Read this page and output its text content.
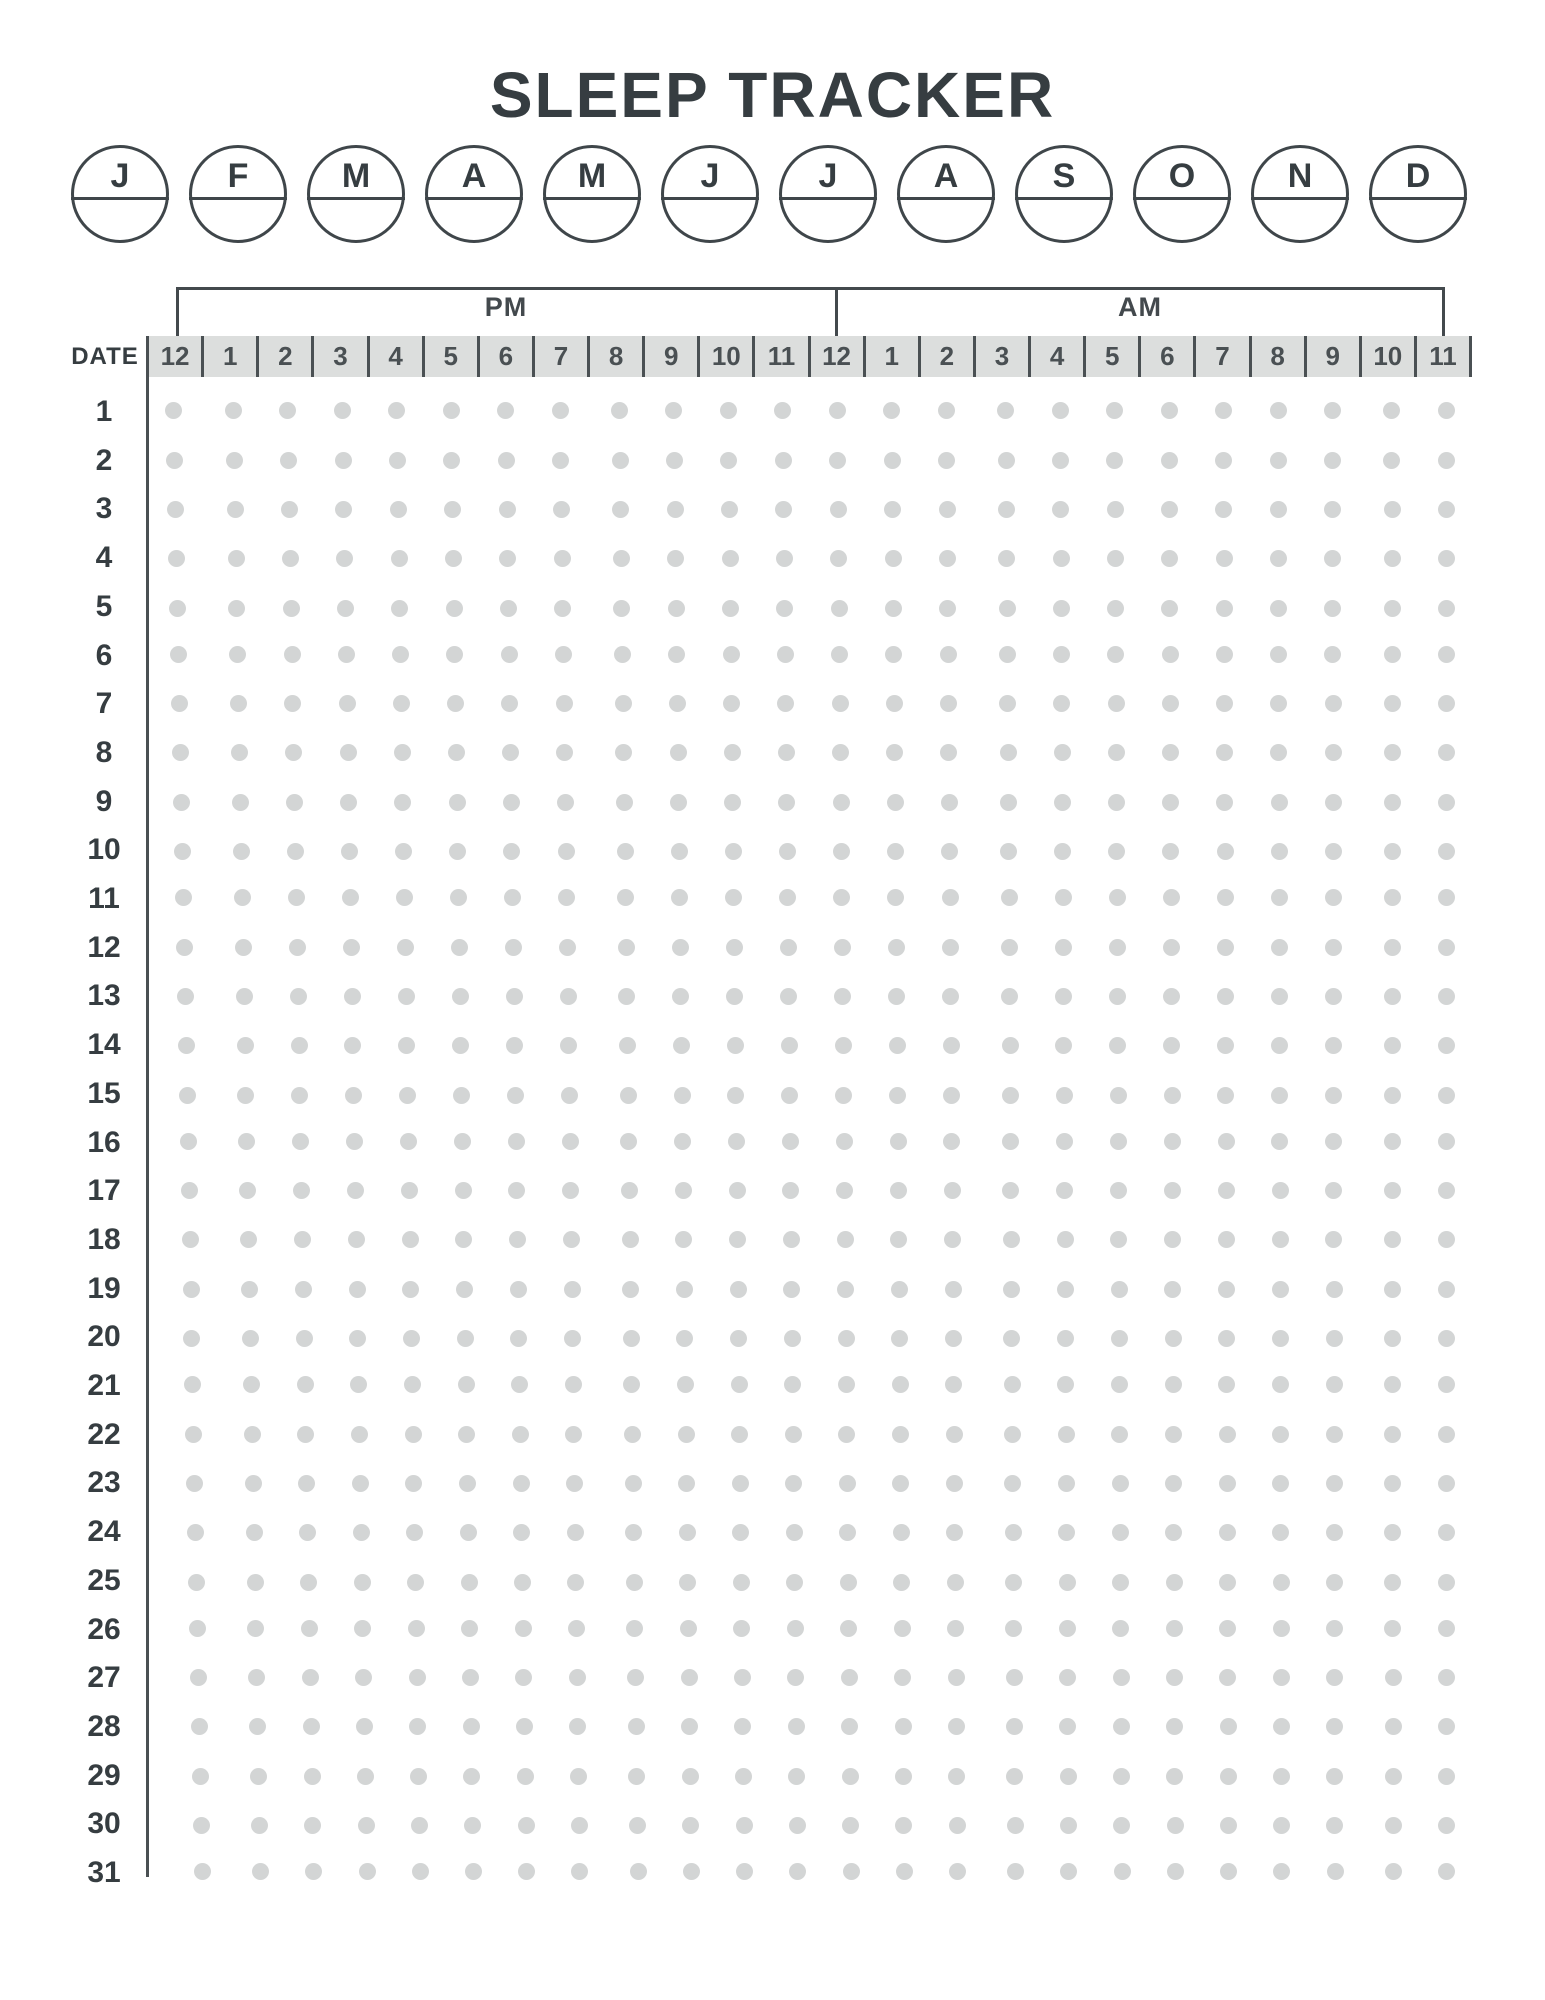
SLEEP TRACKER
J	F	M	A	M	J	J	A	S	O	N	D
PM	AM
DATE 12	1	2	3	4	5	6	7	8	9	10	11	12	1	2	3	4	5	6	7	8	9	10	11
1
2
3
4
5
6
7
8
9
10
11
12
13
14
15
16
17
18
19
20
21
22
23
24
25
26
27
28
29
30
31
